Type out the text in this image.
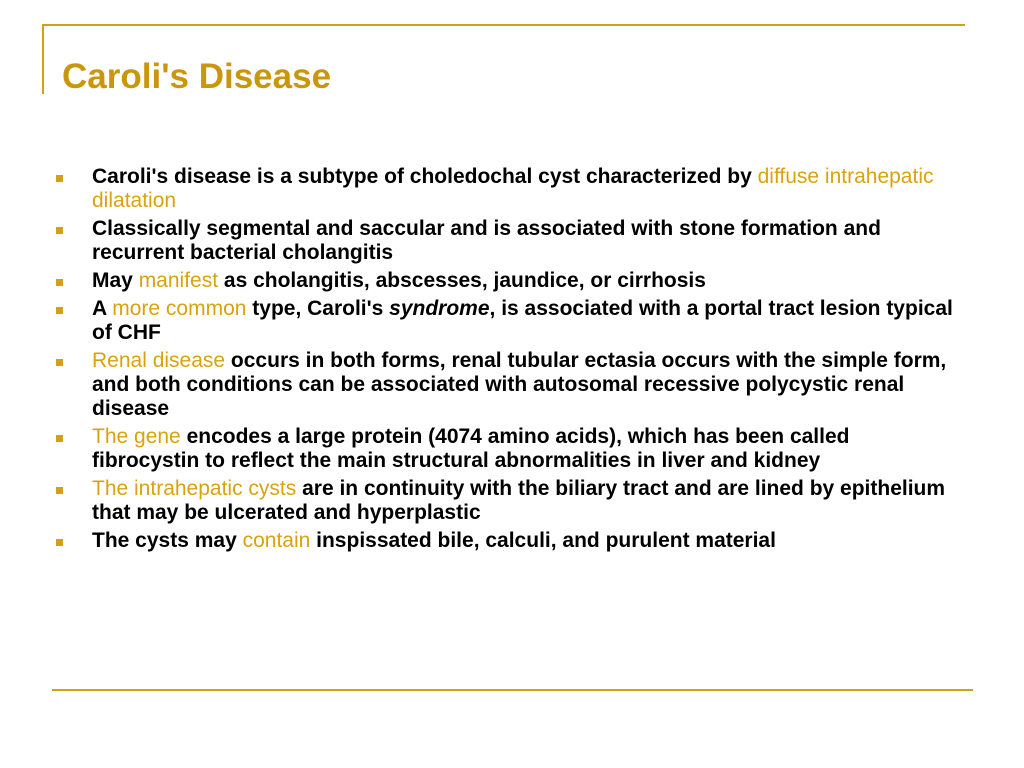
Caroli's Disease
Caroli's disease is a subtype of choledochal cyst characterized by diffuse intrahepatic dilatation
Classically segmental and saccular and is associated with stone formation and recurrent bacterial cholangitis
May manifest as cholangitis, abscesses, jaundice, or cirrhosis
A more common type, Caroli's syndrome, is associated with a portal tract lesion typical of CHF
Renal disease occurs in both forms, renal tubular ectasia occurs with the simple form, and both conditions can be associated with autosomal recessive polycystic renal disease
The gene encodes a large protein (4074 amino acids), which has been called fibrocystin to reflect the main structural abnormalities in liver and kidney
The intrahepatic cysts are in continuity with the biliary tract and are lined by epithelium that may be ulcerated and hyperplastic
The cysts may contain inspissated bile, calculi, and purulent material
